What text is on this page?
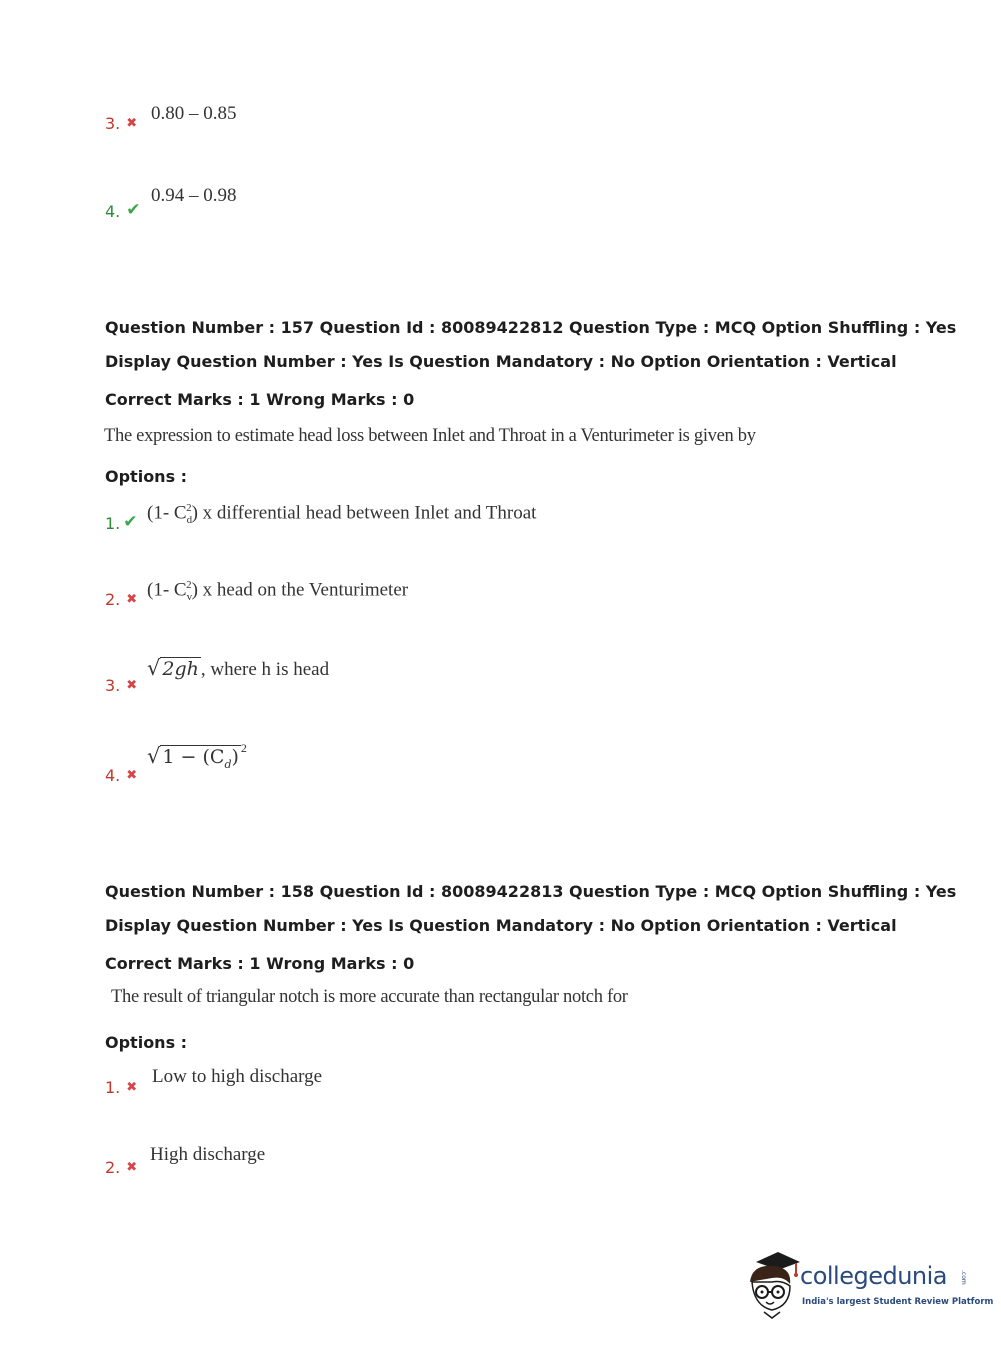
3. ✖ 0.80 – 0.85
4. ✔
0.94 – 0.98
Question Number : 157 Question Id : 80089422812 Question Type : MCQ Option Shuffling : Yes
Display Question Number : Yes Is Question Mandatory : No Option Orientation : Vertical
Correct Marks : 1 Wrong Marks : 0
The expression to estimate head loss between Inlet and Throat in a Venturimeter is given by
Options :
1. ✔ (1- $C_d^2$) x differential head between Inlet and Throat
2. ✖ (1- $C_v^2$) x head on the Venturimeter
3. ✖
√ 2gh , where h is head
4. ✖
√ $1 - (C_d)$ $^2$
Question Number : 158 Question Id : 80089422813 Question Type : MCQ Option Shuffling : Yes
Display Question Number : Yes Is Question Mandatory : No Option Orientation : Vertical
Correct Marks : 1 Wrong Marks : 0
The result of triangular notch is more accurate than rectangular notch for
Options :
1. ✖
Low to high discharge
2. ✖
High discharge
collegedunia .com
India's largest Student Review Platform
